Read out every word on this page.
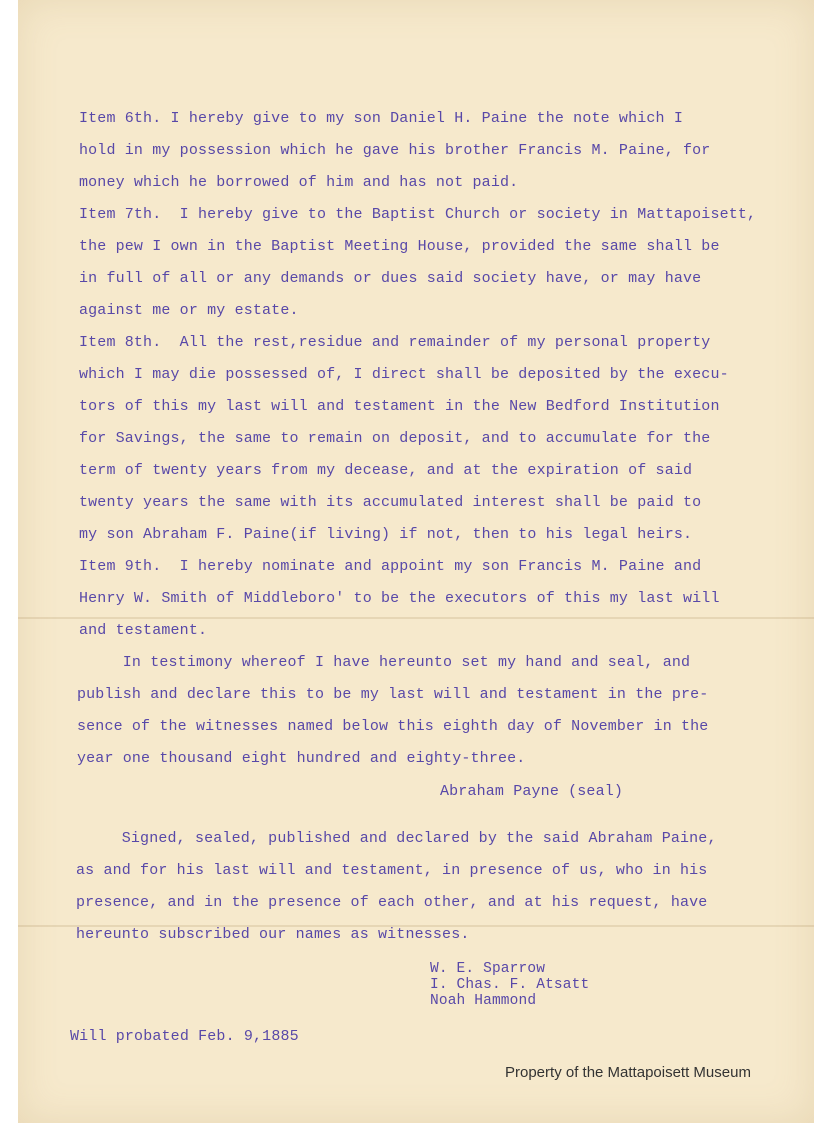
Item 6th. I hereby give to my son Daniel H. Paine the note which I
hold in my possession which he gave his brother Francis M. Paine, for
money which he borrowed of him and has not paid.
Item 7th.  I hereby give to the Baptist Church or society in Mattapoisett,
the pew I own in the Baptist Meeting House, provided the same shall be
in full of all or any demands or dues said society have, or may have
against me or my estate.
Item 8th.  All the rest,residue and remainder of my personal property
which I may die possessed of, I direct shall be deposited by the execu-
tors of this my last will and testament in the New Bedford Institution
for Savings, the same to remain on deposit, and to accumulate for the
term of twenty years from my decease, and at the expiration of said
twenty years the same with its accumulated interest shall be paid to
my son Abraham F. Paine(if living) if not, then to his legal heirs.
Item 9th.  I hereby nominate and appoint my son Francis M. Paine and
Henry W. Smith of Middleboro' to be the executors of this my last will
and testament.
In testimony whereof I have hereunto set my hand and seal, and
publish and declare this to be my last will and testament in the pre-
sence of the witnesses named below this eighth day of November in the
year one thousand eight hundred and eighty-three.
Abraham Payne (seal)
Signed, sealed, published and declared by the said Abraham Paine,
as and for his last will and testament, in presence of us, who in his
presence, and in the presence of each other, and at his request, have
hereunto subscribed our names as witnesses.
W. E. Sparrow
I. Chas. F. Atsatt
Noah Hammond
Will probated Feb. 9,1885
Property of the Mattapoisett Museum
